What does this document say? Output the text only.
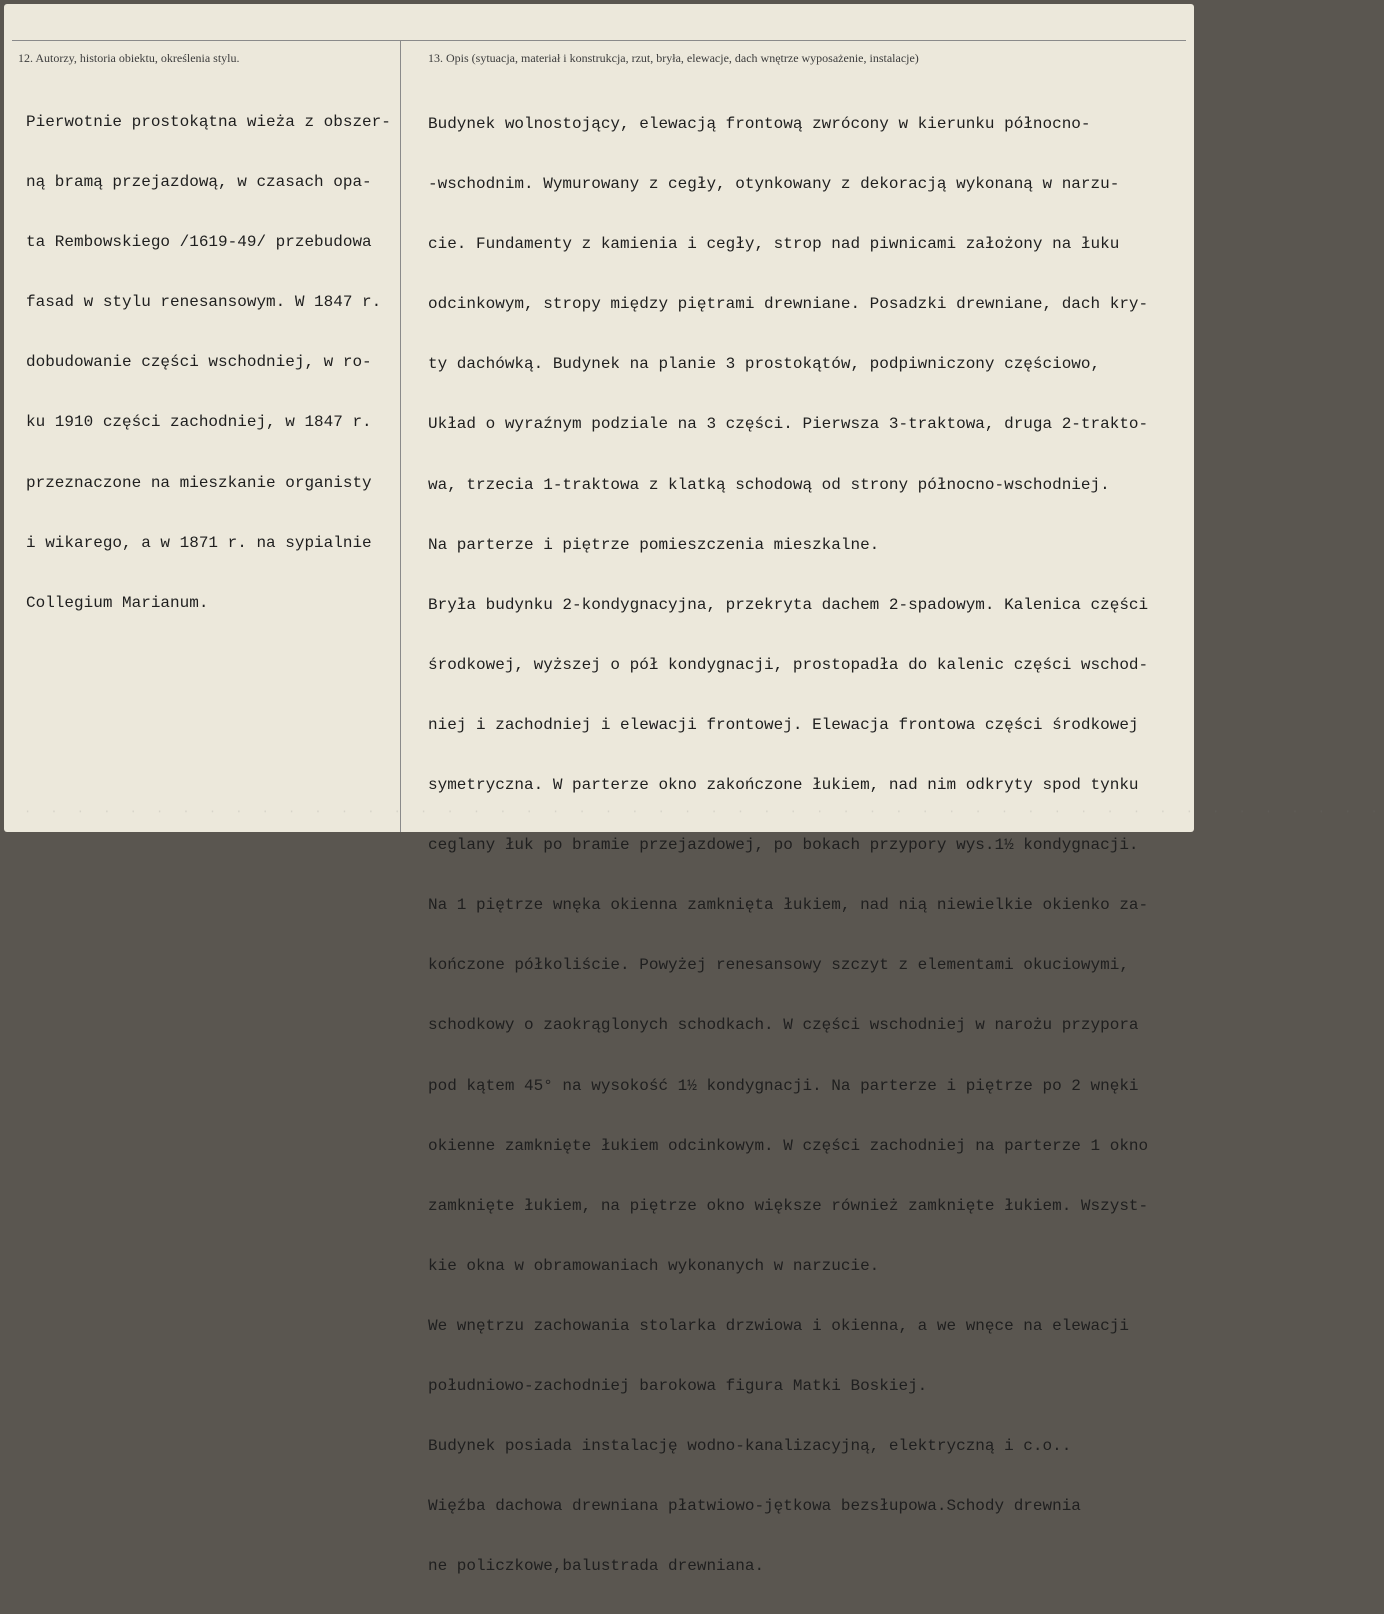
12. Autorzy, historia obiektu, określenia stylu.	13. Opis (sytuacja, materiał i konstrukcja, rzut, bryła, elewacje, dach wnętrze wyposażenie, instalacje)

Pierwotnie prostokątna wieża z obszer-

ną bramą przejazdową, w czasach opa-

ta Rembowskiego /1619-49/ przebudowa

fasad w stylu renesansowym. W 1847 r.

dobudowanie części wschodniej, w ro-

ku 1910 części zachodniej, w 1847 r.

przeznaczone na mieszkanie organisty

i wikarego, a w 1871 r. na sypialnie

Collegium Marianum.

Budynek wolnostojący, elewacją frontową zwrócony w kierunku północno-

-wschodnim. Wymurowany z cegły, otynkowany z dekoracją wykonaną w narzu-

cie. Fundamenty z kamienia i cegły, strop nad piwnicami założony na łuku

odcinkowym, stropy między piętrami drewniane. Posadzki drewniane, dach kry-

ty dachówką. Budynek na planie 3 prostokątów, podpiwniczony częściowo,

Układ o wyraźnym podziale na 3 części. Pierwsza 3-traktowa, druga 2-trakto-

wa, trzecia 1-traktowa z klatką schodową od strony północno-wschodniej.

Na parterze i piętrze pomieszczenia mieszkalne.

Bryła budynku 2-kondygnacyjna, przekryta dachem 2-spadowym. Kalenica części

środkowej, wyższej o pół kondygnacji, prostopadła do kalenic części wschod-

niej i zachodniej i elewacji frontowej. Elewacja frontowa części środkowej

symetryczna. W parterze okno zakończone łukiem, nad nim odkryty spod tynku

ceglany łuk po bramie przejazdowej, po bokach przypory wys.1½ kondygnacji.

Na 1 piętrze wnęka okienna zamknięta łukiem, nad nią niewielkie okienko za-

kończone półkoliście. Powyżej renesansowy szczyt z elementami okuciowymi,

schodkowy o zaokrąglonych schodkach. W części wschodniej w narożu przypora

pod kątem 45° na wysokość 1½ kondygnacji. Na parterze i piętrze po 2 wnęki

okienne zamknięte łukiem odcinkowym. W części zachodniej na parterze 1 okno

zamknięte łukiem, na piętrze okno większe również zamknięte łukiem. Wszyst-

kie okna w obramowaniach wykonanych w narzucie.

We wnętrzu zachowania stolarka drzwiowa i okienna, a we wnęce na elewacji

południowo-zachodniej barokowa figura Matki Boskiej.

Budynek posiada instalację wodno-kanalizacyjną, elektryczną i c.o..

Więźba dachowa drewniana płatwiowo-jętkowa bezsłupowa.Schody drewnia

ne policzkowe,balustrada drewniana.

· · · · · · · · · · · · · · · · · · · · · · · · · · · · · · · · · · · · · · · · · · · · · · · · · · · ·
